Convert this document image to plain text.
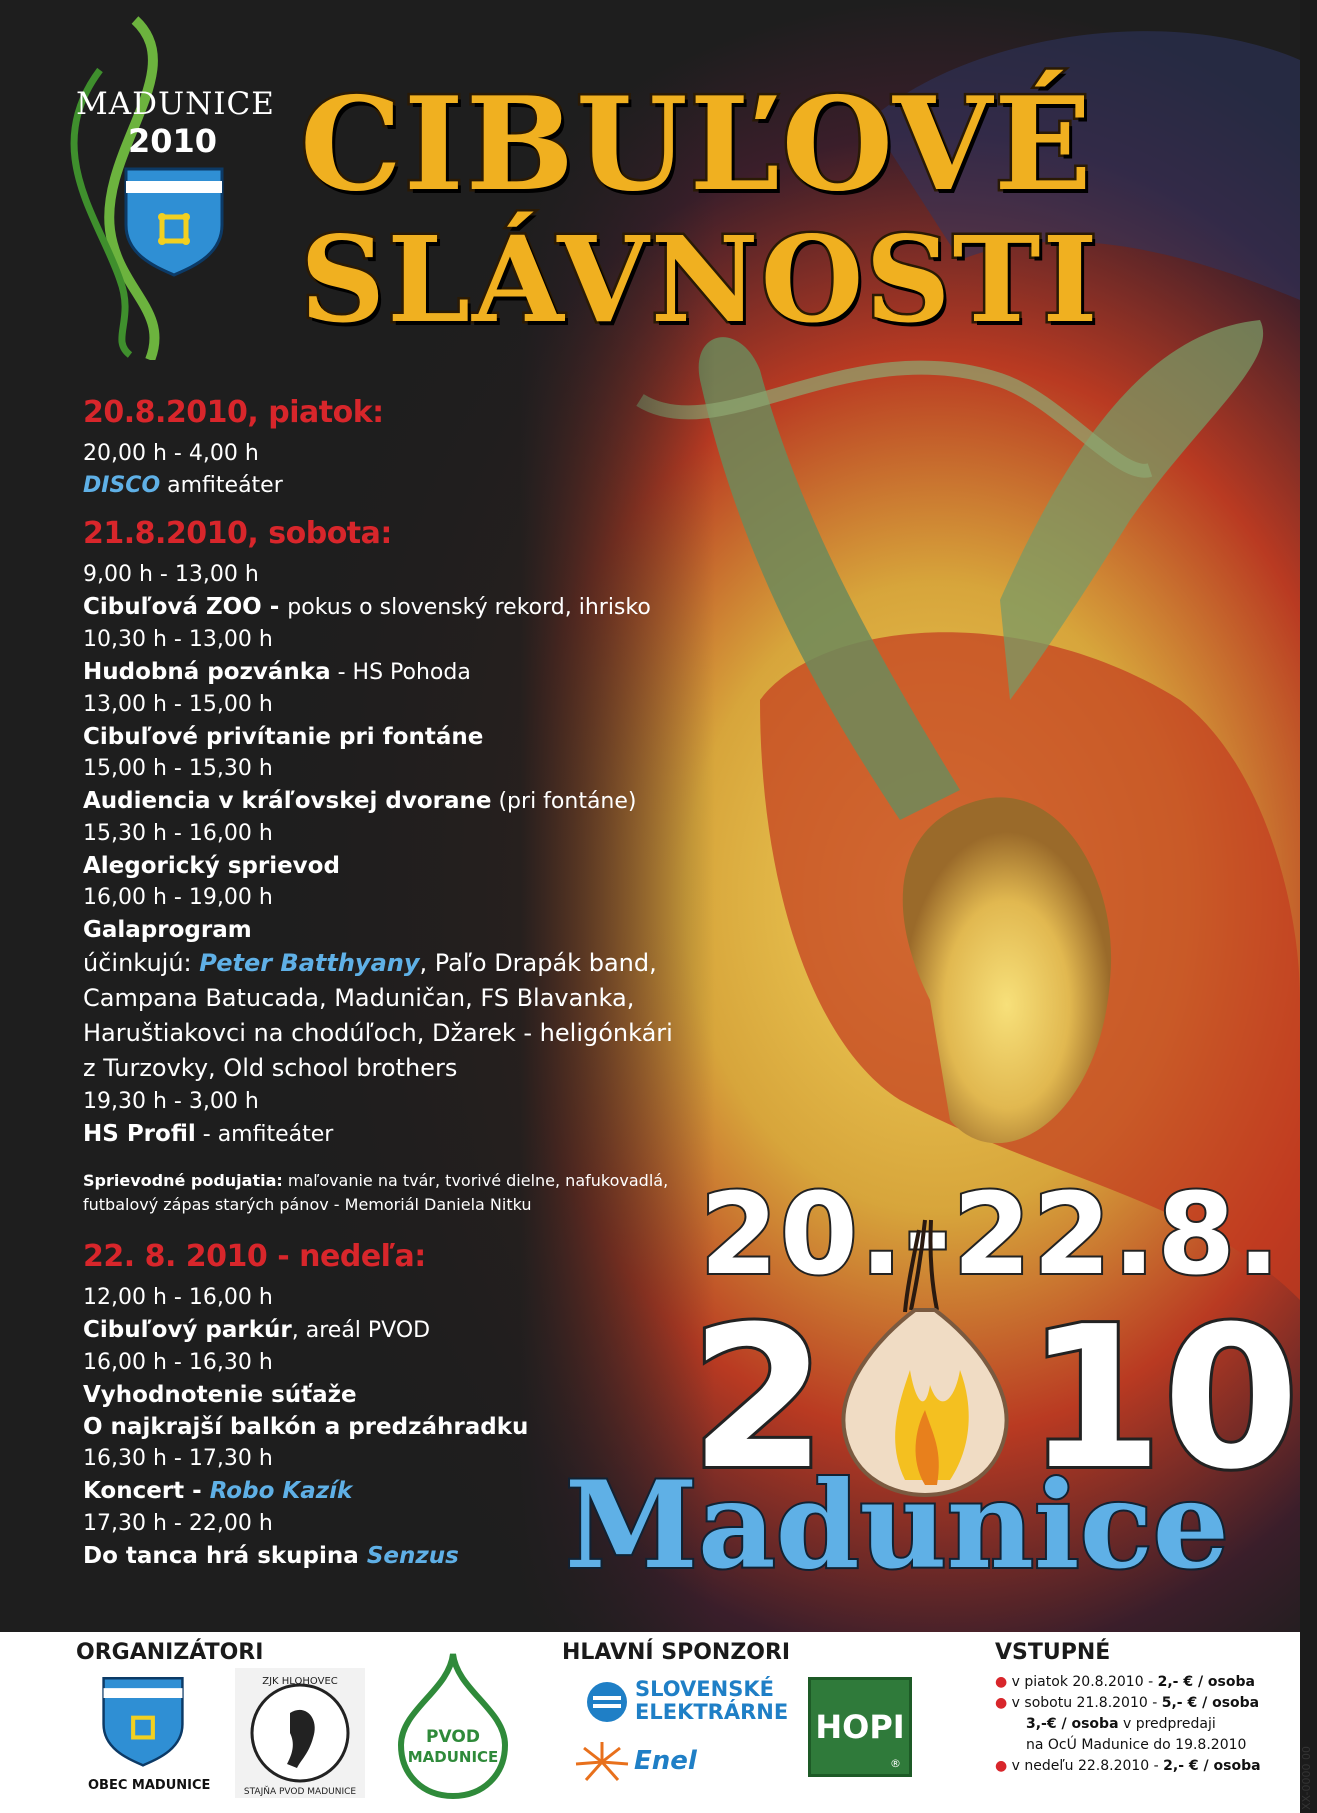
MADUNICE
2010 CIBUĽOVÉ
SLÁVNOSTI
20.8.2010, piatok:
20,00 h - 4,00 h
DISCO amfiteáter
21.8.2010, sobota:
9,00 h - 13,00 h
Cibuľová ZOO - pokus o slovenský rekord, ihrisko
10,30 h - 13,00 h
Hudobná pozvánka - HS Pohoda
13,00 h - 15,00 h
Cibuľové privítanie pri fontáne
15,00 h - 15,30 h
Audiencia v kráľovskej dvorane (pri fontáne)
15,30 h - 16,00 h
Alegorický sprievod
16,00 h - 19,00 h
Galaprogram
účinkujú: Peter Batthyany, Paľo Drapák band,
Campana Batucada, Maduničan, FS Blavanka,
Haruštiakovci na chodúľoch, Džarek - heligónkári
z Turzovky, Old school brothers
19,30 h - 3,00 h
HS Profil - amfiteáter
Sprievodné podujatia: maľovanie na tvár, tvorivé dielne, nafukovadlá,
futbalový zápas starých pánov - Memoriál Daniela Nitku
22. 8. 2010 - nedeľa:
12,00 h - 16,00 h
Cibuľový parkúr, areál PVOD
16,00 h - 16,30 h
Vyhodnotenie súťaže
O najkrajší balkón a predzáhradku
16,30 h - 17,30 h
Koncert - Robo Kazík
17,30 h - 22,00 h
Do tanca hrá skupina Senzus
20.-22.8.
2 10
Madunice
ORGANIZÁTORI
OBEC MADUNICE
ZJK HLOHOVEC
STAJŇA PVOD MADUNICE
PVOD
MADUNICE
HLAVNÍ SPONZORI
SLOVENSKÉ
ELEKTRÁRNE
Enel
HOPI
®
VSTUPNÉ
● v piatok 20.8.2010 - 2,- € / osoba
● v sobotu 21.8.2010 - 5,- € / osoba
3,-€ / osoba v predpredaji
na OcÚ Madunice do 19.8.2010
● v nedeľu 22.8.2010 - 2,- € / osoba	XX-0000 00
